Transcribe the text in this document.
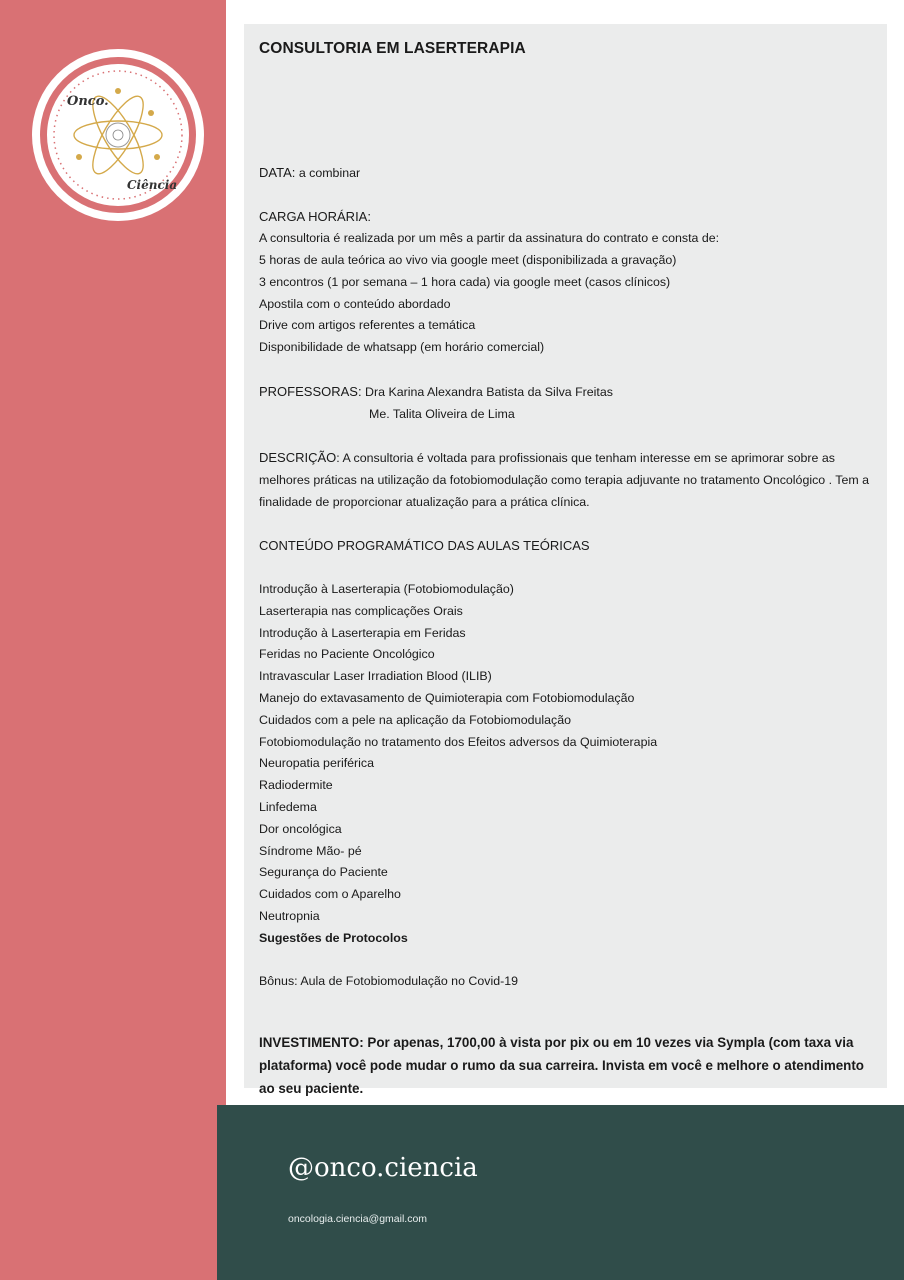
Onco.
Ciência
CONSULTORIA EM LASERTERAPIA
DATA: a combinar
CARGA HORÁRIA:
A consultoria é realizada por um mês a partir da assinatura do contrato e consta de:
5 horas de aula teórica ao vivo via google meet (disponibilizada a gravação)
3 encontros (1 por semana – 1 hora cada) via google meet (casos clínicos)
Apostila com o conteúdo abordado
Drive com artigos referentes a temática
Disponibilidade de whatsapp (em horário comercial)
PROFESSORAS: Dra Karina Alexandra Batista da Silva Freitas
Me. Talita Oliveira de Lima
DESCRIÇÃO: A consultoria é voltada para profissionais que tenham interesse em se aprimorar sobre as melhores práticas na utilização da fotobiomodulação como terapia adjuvante no tratamento Oncológico . Tem a finalidade de proporcionar atualização para a prática clínica.
CONTEÚDO PROGRAMÁTICO DAS AULAS TEÓRICAS
Introdução à Laserterapia (Fotobiomodulação)
Laserterapia nas complicações Orais
Introdução à Laserterapia em Feridas
Feridas no Paciente Oncológico
Intravascular Laser Irradiation Blood (ILIB)
Manejo do extavasamento de Quimioterapia com Fotobiomodulação
Cuidados com a pele na aplicação da Fotobiomodulação
Fotobiomodulação no tratamento dos Efeitos adversos da Quimioterapia
Neuropatia periférica
Radiodermite
Linfedema
Dor oncológica
Síndrome Mão- pé
Segurança do Paciente
Cuidados com o Aparelho
Neutropnia
Sugestões de Protocolos
Bônus: Aula de Fotobiomodulação no Covid-19
INVESTIMENTO: Por apenas, 1700,00 à vista por pix ou em 10 vezes via Sympla (com taxa via plataforma) você pode mudar o rumo da sua carreira. Invista em você e melhore o atendimento ao seu paciente.
@onco.ciencia
oncologia.ciencia@gmail.com
